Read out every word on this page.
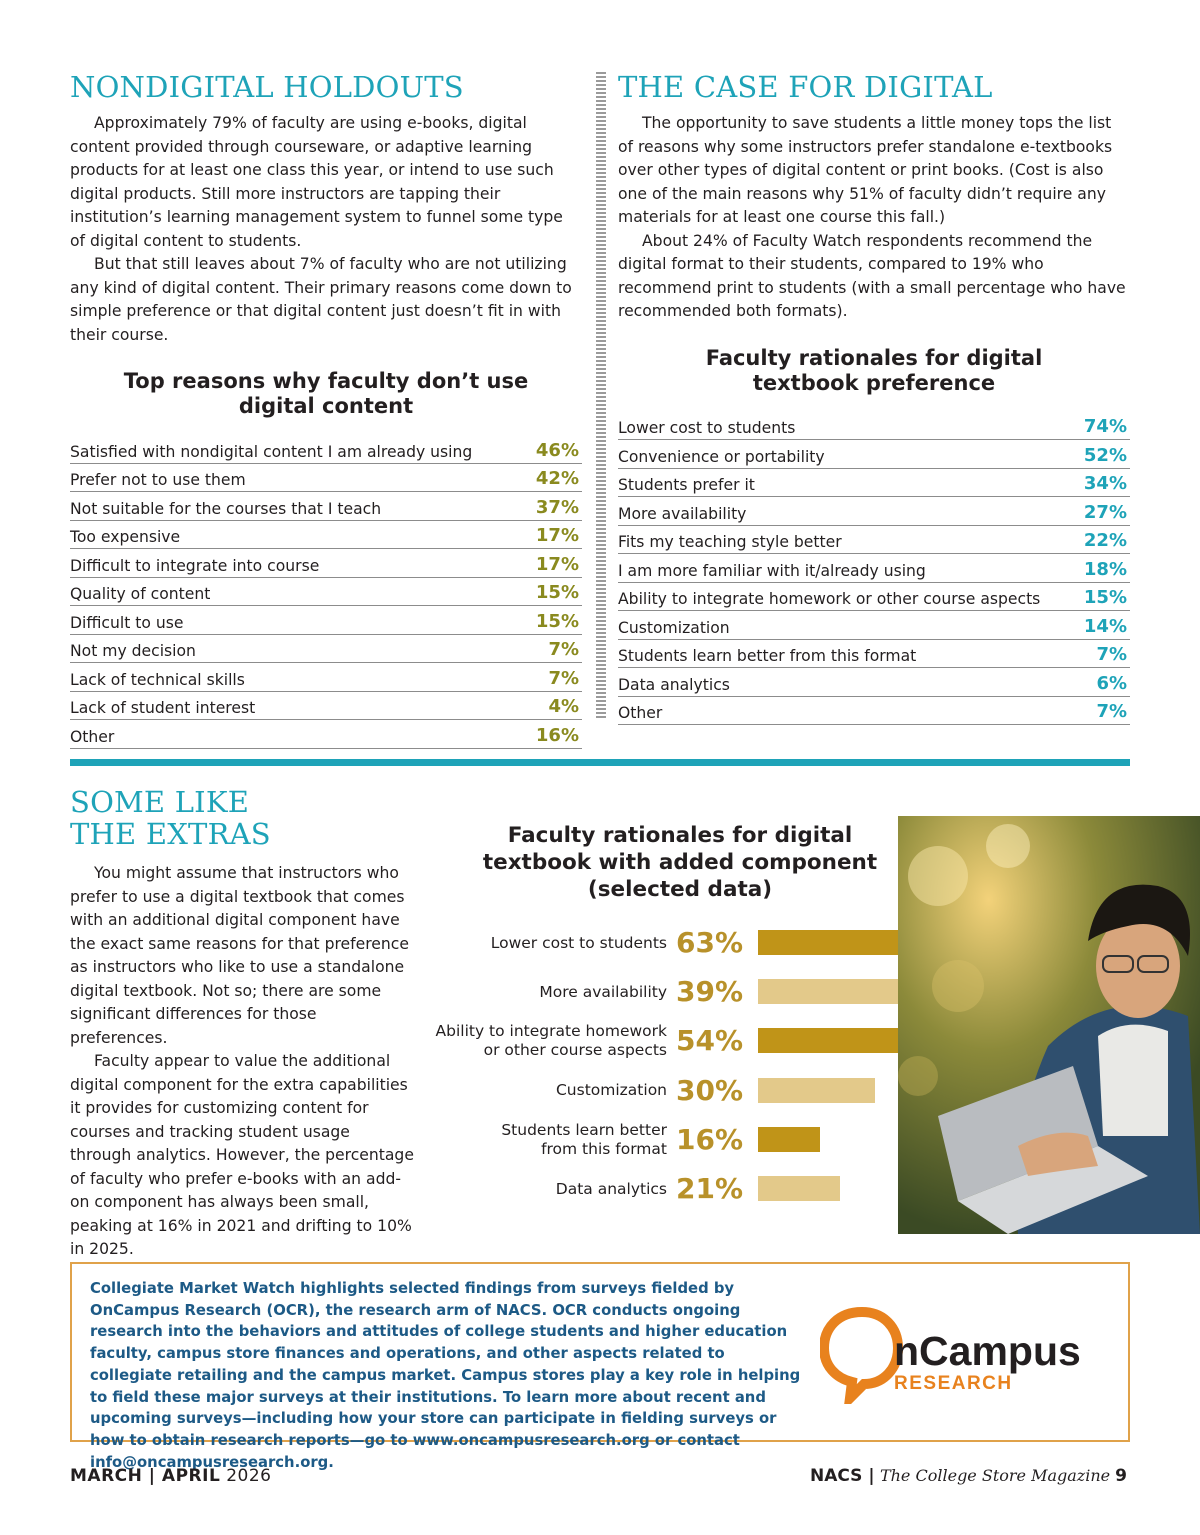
NONDIGITAL HOLDOUTS

Approximately 79% of faculty are using e-books, digital content provided through courseware, or adaptive learning products for at least one class this year, or intend to use such digital products. Still more instructors are tapping their institution’s learning management system to funnel some type of digital content to students.

But that still leaves about 7% of faculty who are not utilizing any kind of digital content. Their primary reasons come down to simple preference or that digital content just doesn’t fit in with their course.

Top reasons why faculty don’t use
digital content
Satisfied with nondigital content I am already using	46%
Prefer not to use them	42%
Not suitable for the courses that I teach	37%
Too expensive	17%
Difficult to integrate into course	17%
Quality of content	15%
Difficult to use	15%
Not my decision	7%
Lack of technical skills	7%
Lack of student interest	4%
Other	16%
THE CASE FOR DIGITAL

The opportunity to save students a little money tops the list of reasons why some instructors prefer standalone e-textbooks over other types of digital content or print books. (Cost is also one of the main reasons why 51% of faculty didn’t require any materials for at least one course this fall.)

About 24% of Faculty Watch respondents recommend the digital format to their students, compared to 19% who recommend print to students (with a small percentage who have recommended both formats).

Faculty rationales for digital
textbook preference
Lower cost to students	74%
Convenience or portability	52%
Students prefer it	34%
More availability	27%
Fits my teaching style better	22%
I am more familiar with it/already using	18%
Ability to integrate homework or other course aspects 15%
Customization	14%
Students learn better from this format	7%
Data analytics	6%
Other	7%
SOME LIKE
THE EXTRAS

You might assume that instructors who prefer to use a digital textbook that comes with an additional digital component have the exact same reasons for that preference as instructors who like to use a standalone digital textbook. Not so; there are some significant differences for those preferences.

Faculty appear to value the additional digital component for the extra capabilities it provides for customizing content for courses and tracking student usage through analytics. However, the percentage of faculty who prefer e-books with an add-on component has always been small, peaking at 16% in 2021 and drifting to 10% in 2025.

Faculty rationales for digital
textbook with added component
(selected data)
Lower cost to students 63%
More availability 39%
Ability to integrate homework
or other course aspects 54%
Customization 30%
Students learn better
from this format 16%
Data analytics 21%

Collegiate Market Watch highlights selected findings from surveys fielded by OnCampus Research (OCR), the research arm of NACS. OCR conducts ongoing research into the behaviors and attitudes of college students and higher education faculty, campus store finances and operations, and other aspects related to collegiate retailing and the campus market. Campus stores play a key role in helping to field these major surveys at their institutions. To learn more about recent and upcoming surveys—including how your store can participate in fielding surveys or how to obtain research reports—go to www.oncampusresearch.org or contact info@oncampusresearch.org.

nCampus
RESEARCH
MARCH | APRIL 2026	NACS | The College Store Magazine 9
